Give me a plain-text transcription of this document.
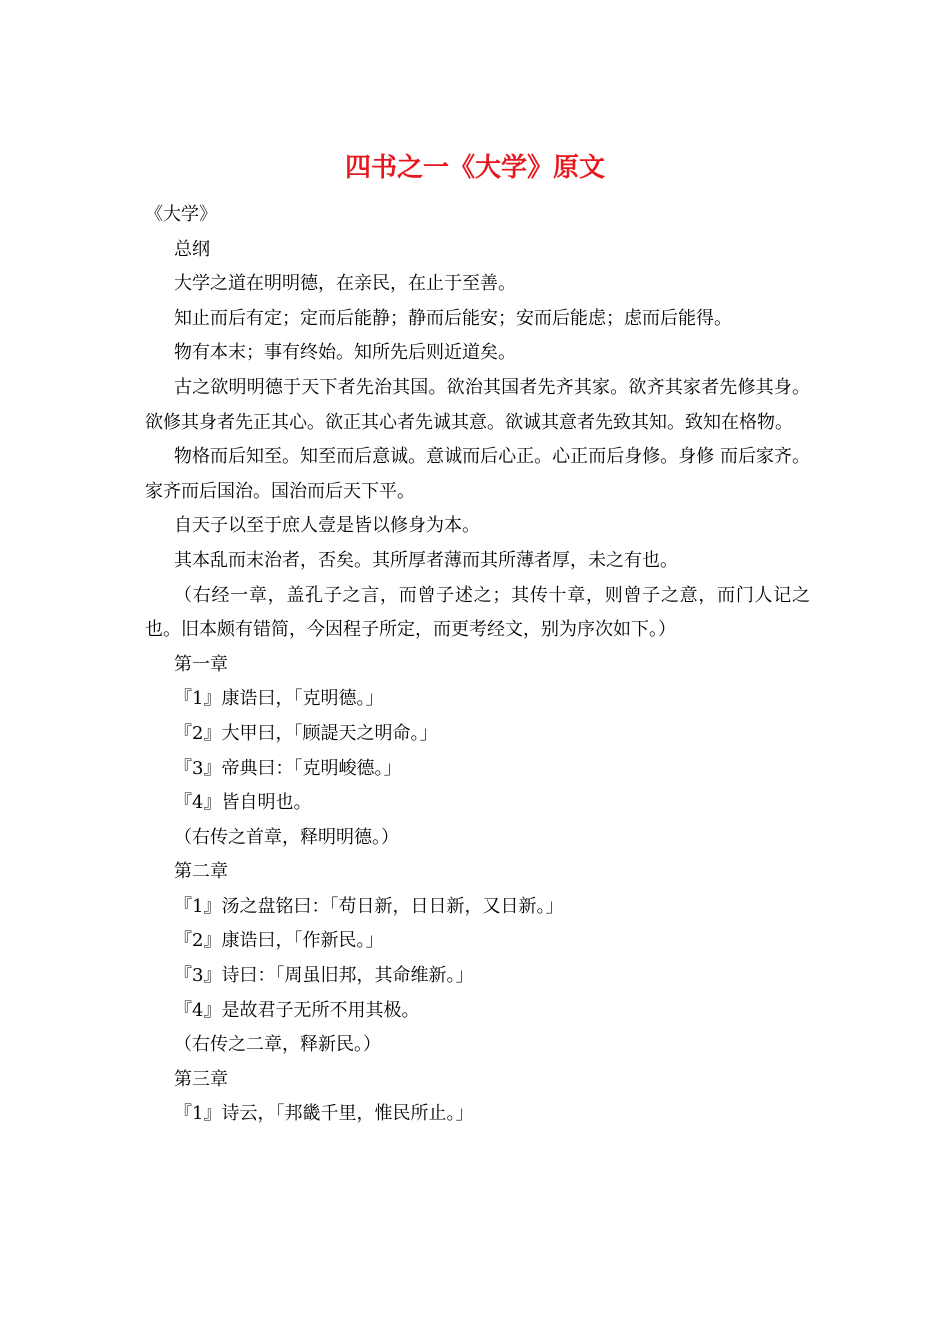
四书之一《大学》原文

《大学》

总纲

大学之道在明明德，在亲民，在止于至善。

知止而后有定；定而后能静；静而后能安；安而后能虑；虑而后能得。

物有本末；事有终始。知所先后则近道矣。

古之欲明明德于天下者先治其国。欲治其国者先齐其家。欲齐其家者先修其身。欲修其身者先正其心。欲正其心者先诚其意。欲诚其意者先致其知。致知在格物。

物格而后知至。知至而后意诚。意诚而后心正。心正而后身修。身修 而后家齐。家齐而后国治。国治而后天下平。

自天子以至于庶人壹是皆以修身为本。

其本乱而末治者，否矣。其所厚者薄而其所薄者厚，未之有也。

（右经一章，盖孔子之言，而曾子述之；其传十章，则曾子之意，而门人记之也。旧本颇有错简，今因程子所定，而更考经文，别为序次如下。）

第一章

『1』康诰曰，「克明德。」

『2』大甲曰，「顾諟天之明命。」

『3』帝典曰：「克明峻德。」

『4』皆自明也。

（右传之首章，释明明德。）

第二章

『1』汤之盘铭曰：「苟日新，日日新，又日新。」

『2』康诰曰，「作新民。」

『3』诗曰：「周虽旧邦，其命维新。」

『4』是故君子无所不用其极。

（右传之二章，释新民。）

第三章

『1』诗云，「邦畿千里，惟民所止。」
